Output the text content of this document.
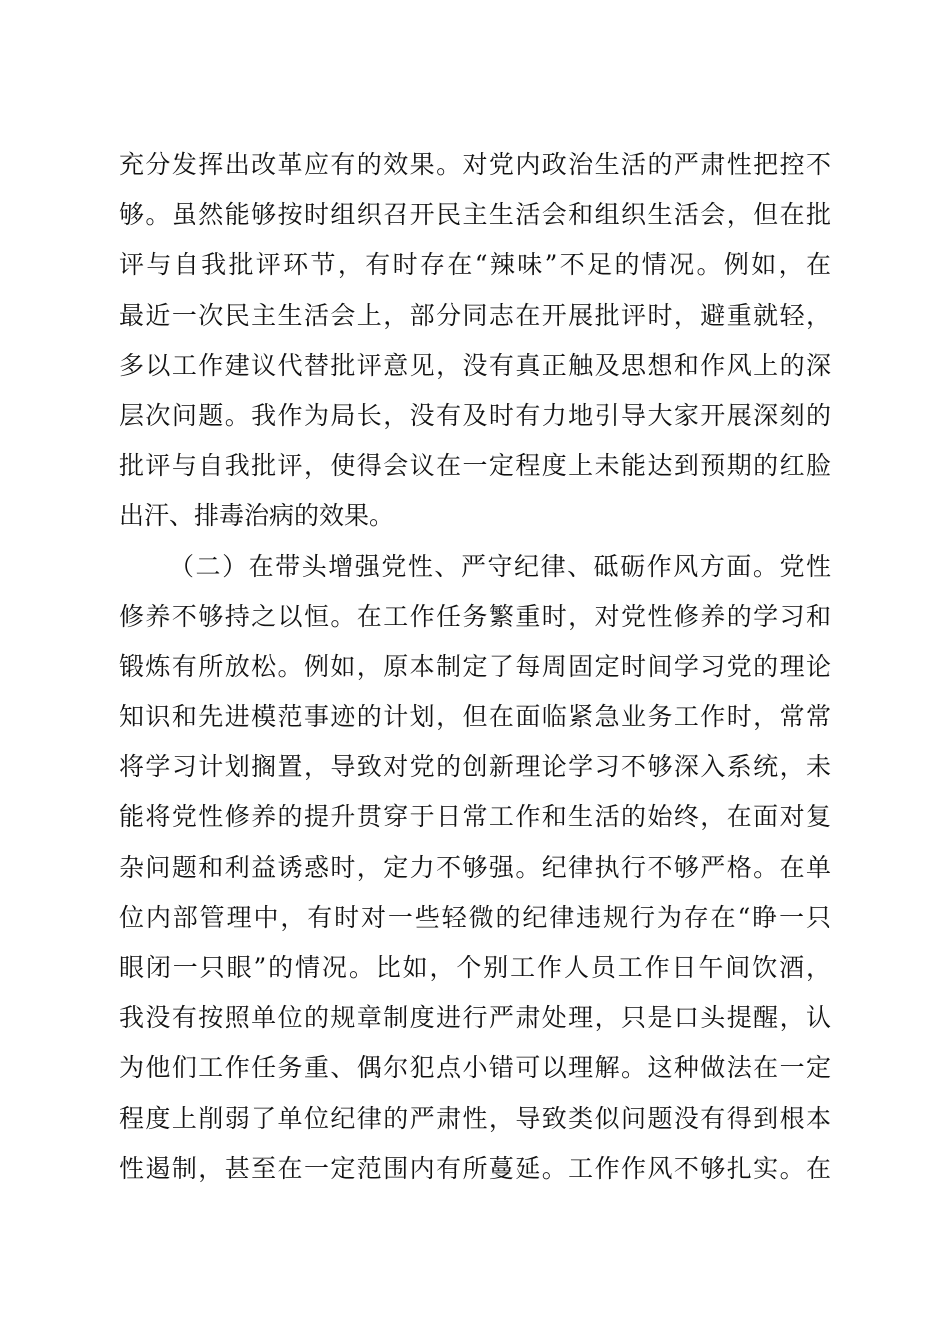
充分发挥出改革应有的效果。对党内政治生活的严肃性把控不
够。虽然能够按时组织召开民主生活会和组织生活会，但在批
评与自我批评环节，有时存在“辣味”不足的情况。例如，在
最近一次民主生活会上，部分同志在开展批评时，避重就轻，
多以工作建议代替批评意见，没有真正触及思想和作风上的深
层次问题。我作为局长，没有及时有力地引导大家开展深刻的
批评与自我批评，使得会议在一定程度上未能达到预期的红脸
出汗、排毒治病的效果。
（二）在带头增强党性、严守纪律、砥砺作风方面。党性
修养不够持之以恒。在工作任务繁重时，对党性修养的学习和
锻炼有所放松。例如，原本制定了每周固定时间学习党的理论
知识和先进模范事迹的计划，但在面临紧急业务工作时，常常
将学习计划搁置，导致对党的创新理论学习不够深入系统，未
能将党性修养的提升贯穿于日常工作和生活的始终，在面对复
杂问题和利益诱惑时，定力不够强。纪律执行不够严格。在单
位内部管理中，有时对一些轻微的纪律违规行为存在“睁一只
眼闭一只眼”的情况。比如，个别工作人员工作日午间饮酒，
我没有按照单位的规章制度进行严肃处理，只是口头提醒，认
为他们工作任务重、偶尔犯点小错可以理解。这种做法在一定
程度上削弱了单位纪律的严肃性，导致类似问题没有得到根本
性遏制，甚至在一定范围内有所蔓延。工作作风不够扎实。在
